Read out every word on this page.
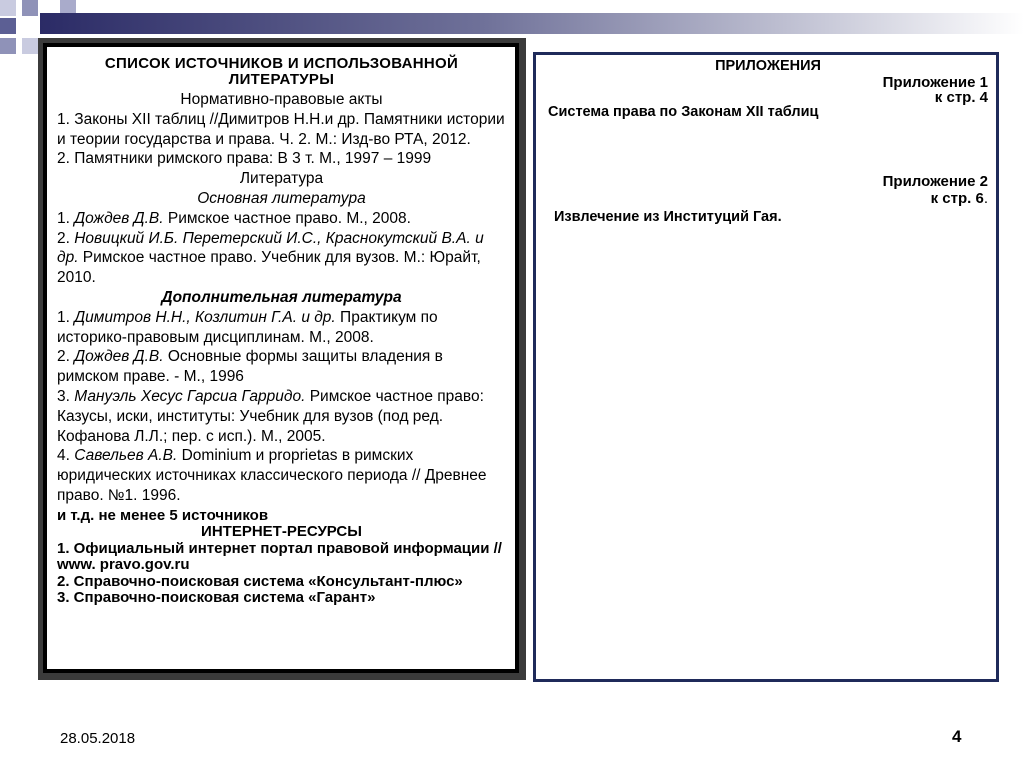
СПИСОК ИСТОЧНИКОВ И ИСПОЛЬЗОВАННОЙ
ЛИТЕРАТУРЫ

Нормативно-правовые акты

1. Законы XII таблиц //Димитров Н.Н.и др. Памятники истории и теории государства и права. Ч. 2. М.: Изд-во РТА, 2012.

2. Памятники римского права: В 3 т. М., 1997 – 1999

Литература

Основная литература

1. Дождев Д.В. Римское частное право. М., 2008.

2. Новицкий И.Б. Перетерский И.С., Краснокутский В.А. и др. Римское частное право. Учебник для вузов. М.: Юрайт, 2010.

Дополнительная литература

1. Димитров Н.Н., Козлитин Г.А. и др. Практикум по историко-правовым дисциплинам. М., 2008.

2. Дождев Д.В. Основные формы защиты владения в римском праве. - М., 1996

3. Мануэль Хесус Гарсиа Гарридо. Римское частное право: Казусы, иски, институты: Учебник для вузов (под ред. Кофанова Л.Л.; пер. с исп.). М., 2005.

4. Савельев А.В. Dominium и proprietas в римских юридических источниках классического периода // Древнее право. №1. 1996.

и т.д. не менее 5 источников

ИНТЕРНЕТ-РЕСУРСЫ

1. Официальный интернет портал правовой информации // www. pravo.gov.ru

2. Справочно-поисковая система «Консультант-плюс»

3. Справочно-поисковая система «Гарант»

ПРИЛОЖЕНИЯ

Приложение 1

к стр. 4

Система права по Законам XII таблиц

Приложение 2

к стр. 6.

Извлечение из Институций Гая.

28.05.2018	4
